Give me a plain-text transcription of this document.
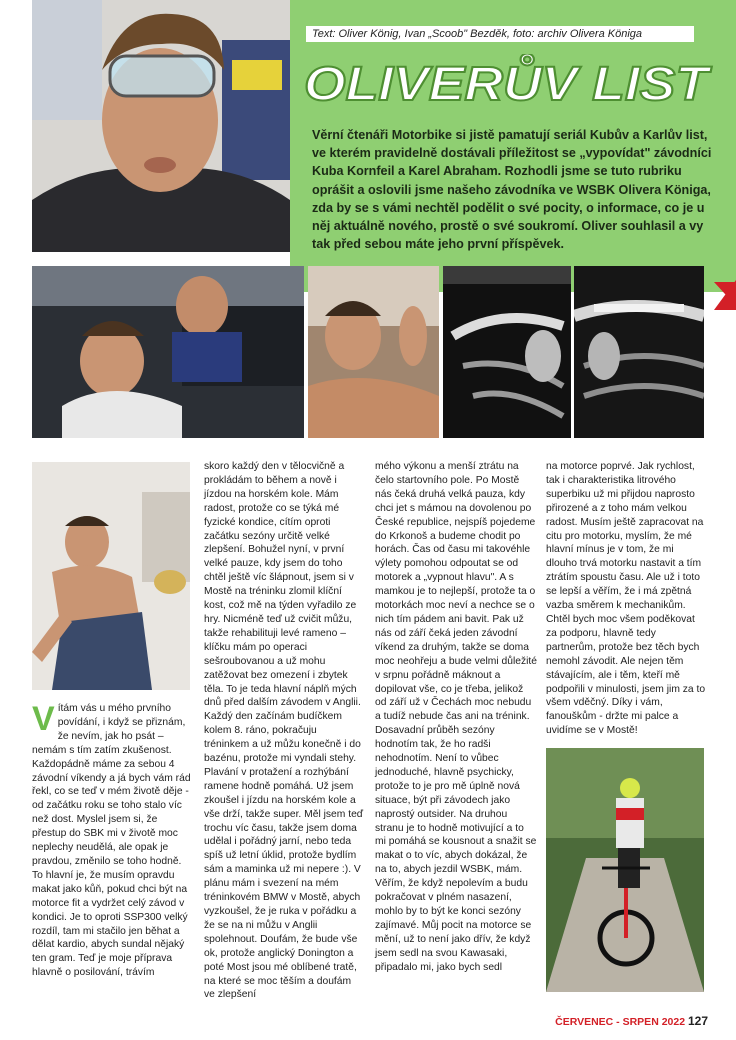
Text: Oliver König, Ivan „Scoob" Bezděk, foto: archiv Olivera Königa
OLIVERŮV LIST

Věrní čtenáři Motorbike si jistě pamatují seriál Kubův a Karlův list, ve kterém pravidelně dostávali příležitost se „vypovídat" závodníci Kuba Kornfeil a Karel Abraham. Rozhodli jsme se tuto rubriku oprášit a oslovili jsme našeho závodníka ve WSBK Olivera Königa, zda by se s vámi nechtěl podělit o své pocity, o informace, co je u něj aktuálně nového, prostě o své soukromí. Oliver souhlasil a vy tak před sebou máte jeho první příspěvek.

Vítám vás u mého prvního povídání, i když se přiznám, že nevím, jak ho psát – nemám s tím zatím zkušenost. Každopádně máme za sebou 4 závodní víkendy a já bych vám rád řekl, co se teď v mém životě děje - od začátku roku se toho stalo víc než dost. Myslel jsem si, že přestup do SBK mi v životě moc neplechy neudělá, ale opak je pravdou, změnilo se toho hodně. To hlavní je, že musím opravdu makat jako kůň, pokud chci být na motorce fit a vydržet celý závod v kondici. Je to oproti SSP300 velký rozdíl, tam mi stačilo jen běhat a dělat kardio, abych sundal nějaký ten gram. Teď je moje příprava hlavně o posilování, trávím

skoro každý den v tělocvičně a prokládám to během a nově i jízdou na horském kole. Mám radost, protože co se týká mé fyzické kondice, cítím oproti začátku sezóny určitě velké zlepšení. Bohužel nyní, v první velké pauze, kdy jsem do toho chtěl ještě víc šlápnout, jsem si v Mostě na tréninku zlomil klíční kost, což mě na týden vyřadilo ze hry. Nicméně teď už cvičit můžu, takže rehabilituji levé rameno – klíčku mám po operaci sešroubovanou a už mohu zatěžovat bez omezení i zbytek těla. To je teda hlavní náplň mých dnů před dalším závodem v Anglii. Každý den začínám budíčkem kolem 8. ráno, pokračuju tréninkem a už můžu konečně i do bazénu, protože mi vyndali stehy. Plavání v protažení a rozhýbání ramene hodně pomáhá. Už jsem zkoušel i jízdu na horském kole a vše drží, takže super. Měl jsem teď trochu víc času, takže jsem doma udělal i pořádný jarní, nebo teda spíš už letní úklid, protože bydlím sám a maminka už mi nepere :). V plánu mám i svezení na mém tréninkovém BMW v Mostě, abych vyzkoušel, že je ruka v pořádku a že se na ni můžu v Anglii spolehnout. Doufám, že bude vše ok, protože anglický Donington a poté Most jsou mé oblíbené tratě, na které se moc těším a doufám ve zlepšení

mého výkonu a menší ztrátu na čelo startovního pole. Po Mostě nás čeká druhá velká pauza, kdy chci jet s mámou na dovolenou po České republice, nejspíš pojedeme do Krkonoš a budeme chodit po horách. Čas od času mi takovéhle výlety pomohou odpoutat se od motorek a „vypnout hlavu". A s mamkou je to nejlepší, protože ta o motorkách moc neví a nechce se o nich tím pádem ani bavit. Pak už nás od září čeká jeden závodní víkend za druhým, takže se doma moc neohřeju a bude velmi důležité v srpnu pořádně máknout a dopilovat vše, co je třeba, jelikož od září už v Čechách moc nebudu a tudíž nebude čas ani na trénink. Dosavadní průběh sezóny hodnotím tak, že ho radši nehodnotím. Není to vůbec jednoduché, hlavně psychicky, protože to je pro mě úplně nová situace, být při závodech jako naprostý outsider. Na druhou stranu je to hodně motivující a to mi pomáhá se kousnout a snažit se makat o to víc, abych dokázal, že na to, abych jezdil WSBK, mám. Věřím, že když nepolevím a budu pokračovat v plném nasazení, mohlo by to být ke konci sezóny zajímavé. Můj pocit na motorce se mění, už to není jako dřív, že když jsem sedl na svou Kawasaki, připadalo mi, jako bych sedl

na motorce poprvé. Jak rychlost, tak i charakteristika litrového superbiku už mi přijdou naprosto přirozené a z toho mám velkou radost. Musím ještě zapracovat na citu pro motorku, myslím, že mé hlavní mínus je v tom, že mi dlouho trvá motorku nastavit a tím ztrátím spoustu času. Ale už i toto se lepší a věřím, že i má zpětná vazba směrem k mechanikům. Chtěl bych moc všem poděkovat za podporu, hlavně tedy partnerům, protože bez těch bych nemohl závodit. Ale nejen těm stávajícím, ale i těm, kteří mě podpořili v minulosti, jsem jim za to všem vděčný. Díky i vám, fanouškům - držte mi palce a uvidíme se v Mostě!

ČERVENEC - SRPEN 2022 127
